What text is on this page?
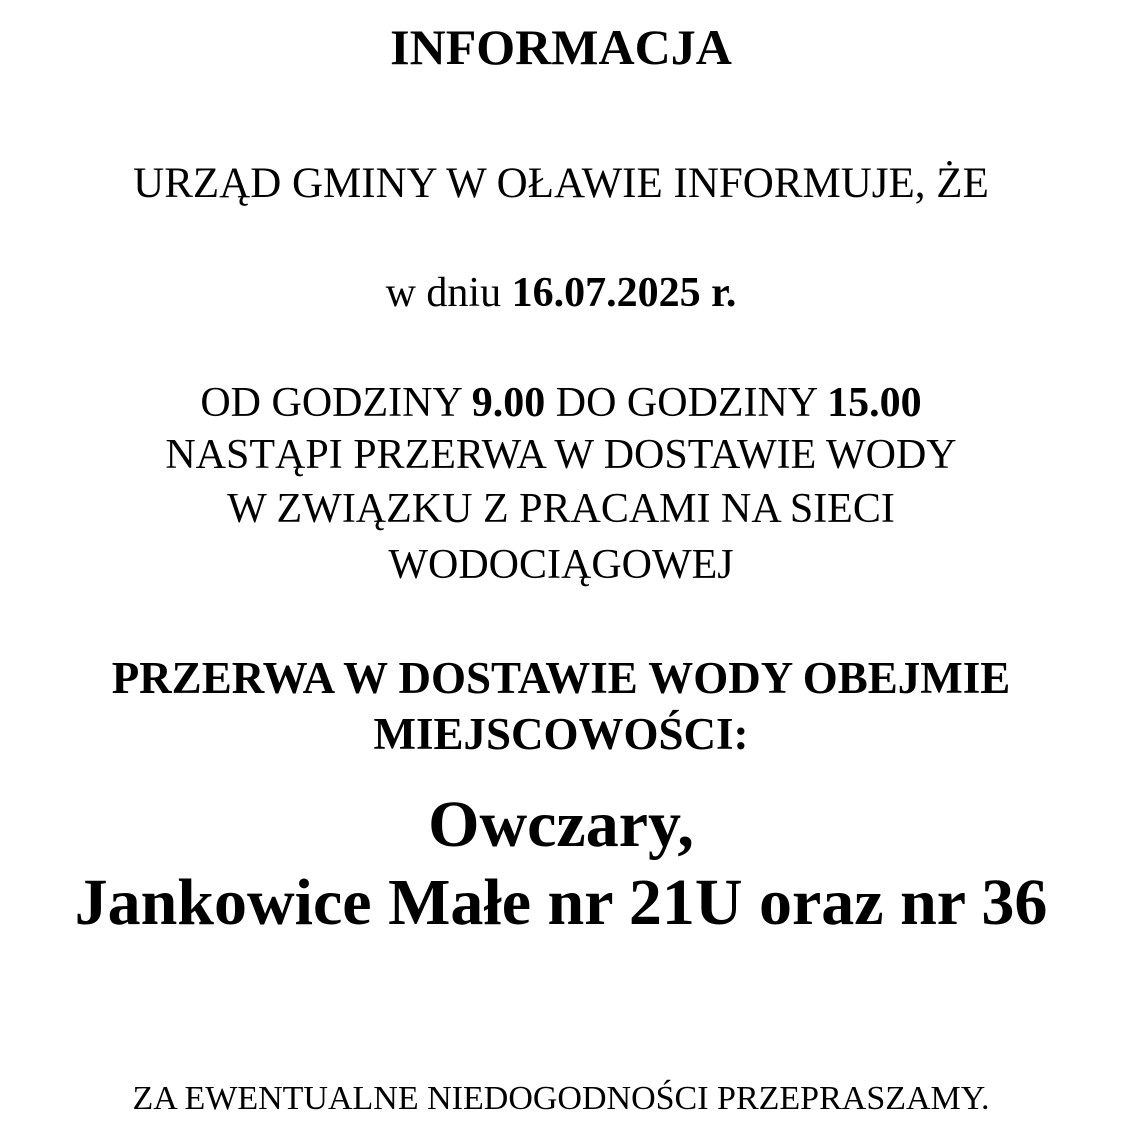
INFORMACJA
URZĄD GMINY W OŁAWIE INFORMUJE, ŻE
w dniu 16.07.2025 r.
OD GODZINY 9.00 DO GODZINY 15.00
NASTĄPI PRZERWA W DOSTAWIE WODY
W ZWIĄZKU Z PRACAMI NA SIECI
WODOCIĄGOWEJ
PRZERWA W DOSTAWIE WODY OBEJMIE
MIEJSCOWOŚCI:
Owczary,
Jankowice Małe nr 21U oraz nr 36
ZA EWENTUALNE NIEDOGODNOŚCI PRZEPRASZAMY.
